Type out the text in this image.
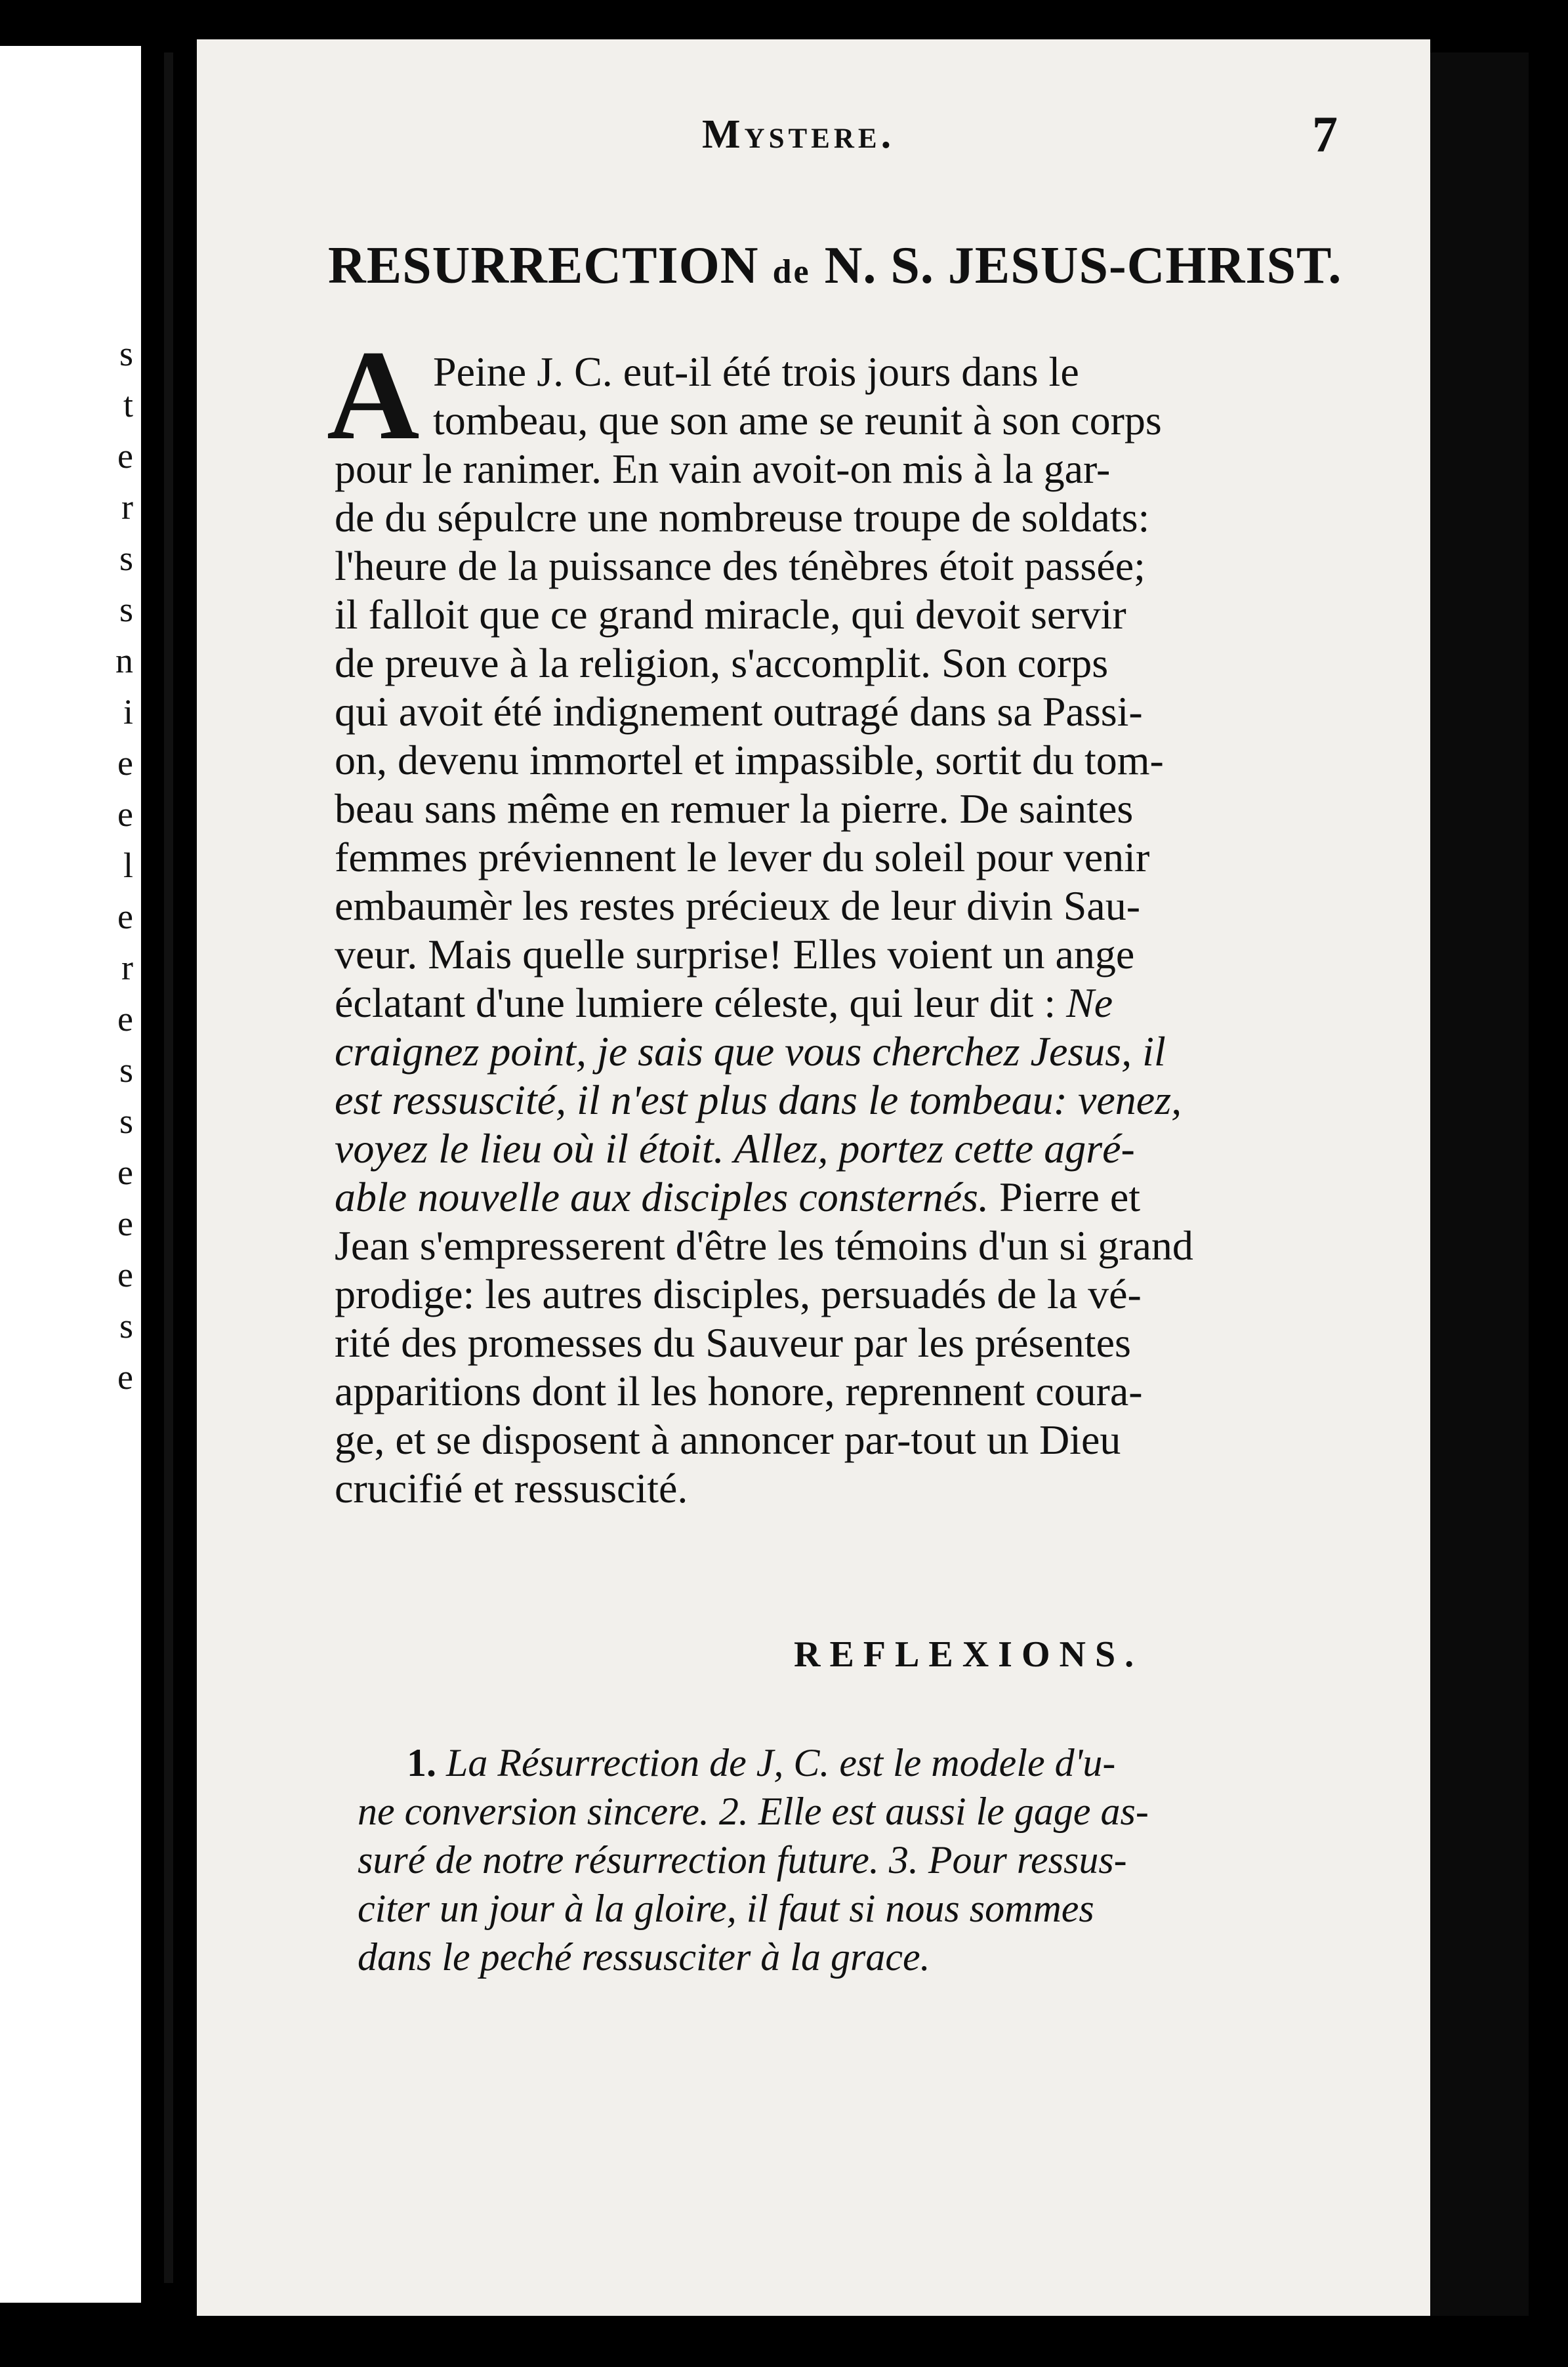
s
t
e
r
s
s
n
i
e
e
l
e
r
e
s
s
e
e
e
s
e
Mystere.	7
RESURRECTION de N. S. JESUS-CHRIST.
A Peine J. C. eut-il été trois jours dans le
tombeau, que son ame se reunit à son corps
pour le ranimer. En vain avoit-on mis à la gar-
de du sépulcre une nombreuse troupe de soldats:
l'heure de la puissance des ténèbres étoit passée;
il falloit que ce grand miracle, qui devoit servir
de preuve à la religion, s'accomplit. Son corps
qui avoit été indignement outragé dans sa Passi-
on, devenu immortel et impassible, sortit du tom-
beau sans même en remuer la pierre. De saintes
femmes préviennent le lever du soleil pour venir
embaumèr les restes précieux de leur divin Sau-
veur. Mais quelle surprise! Elles voient un ange
éclatant d'une lumiere céleste, qui leur dit : Ne
craignez point, je sais que vous cherchez Jesus, il
est ressuscité, il n'est plus dans le tombeau: venez,
voyez le lieu où il étoit. Allez, portez cette agré-
able nouvelle aux disciples consternés. Pierre et
Jean s'empresserent d'être les témoins d'un si grand
prodige: les autres disciples, persuadés de la vé-
rité des promesses du Sauveur par les présentes
apparitions dont il les honore, reprennent coura-
ge, et se disposent à annoncer par-tout un Dieu
crucifié et ressuscité.
REFLEXIONS.
1. La Résurrection de J, C. est le modele d'u-
ne conversion sincere. 2. Elle est aussi le gage as-
suré de notre résurrection future. 3. Pour ressus-
citer un jour à la gloire, il faut si nous sommes
dans le peché ressusciter à la grace.
